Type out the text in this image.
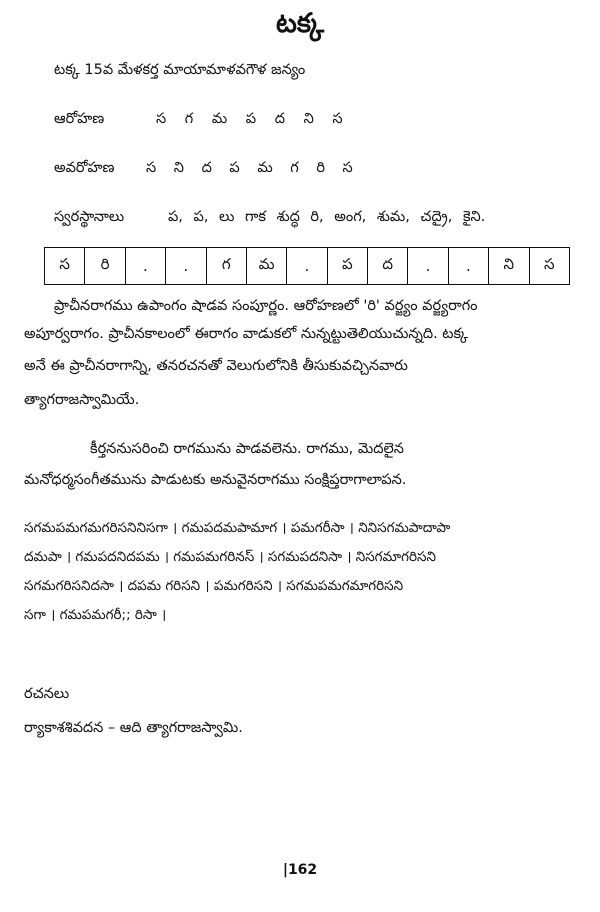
టక్క
టక్క 15వ మేళకర్త మాయామాళవగౌళ జన్యం
ఆరోహణ	స గ మ ప ద ని స
అవరోహణ స ని ద ప మ గ రి స
స్వరస్థానాలు	ప, ప, లు గాక శుద్ధ రి, అంగ, శుమ, చద్రై, కైని.
స	రి	.	.	గ	మ	.	ప	ద	.	.	ని	స
ప్రాచీనరాగము ఉపాంగం షాడవ సంపూర్ణం. ఆరోహణలో 'రి' వర్జ్యం వర్జ్యరాగం
అపూర్వరాగం. ప్రాచీనకాలంలో ఈరాగం వాడుకలో నున్నట్టుతెలియుచున్నది. టక్క
అనే ఈ ప్రాచీనరాగాన్ని, తనరచనతో వెలుగులోనికి తీసుకువచ్చినవారు
త్యాగరాజస్వామియే.
కీర్తననుసరించి రాగమును పాడవలెను. రాగము, మెదలైన
మనోధర్మసంగీతమును పాడుటకు అనువైనరాగము సంక్షిప్తరాగాలాపన.
సగమపమగమగరిసనినిసగా । గమపదమపామాగ । పమగరీసా । నినిసగమపాదాపా
దమపా । గమపదనిదపమ । గమపమగరినస్ । సగమపదనిసా । నిసగమాగరిసని
సగమగరిసనిదసా । దపమ గరిసని । పమగరిసని । సగమపమగమాగరిసని
సగా । గమపమగరీ;; రిసా ।
రచనలు
ర్యాకాశశివదన – ఆది త్యాగరాజస్వామి.
|162
